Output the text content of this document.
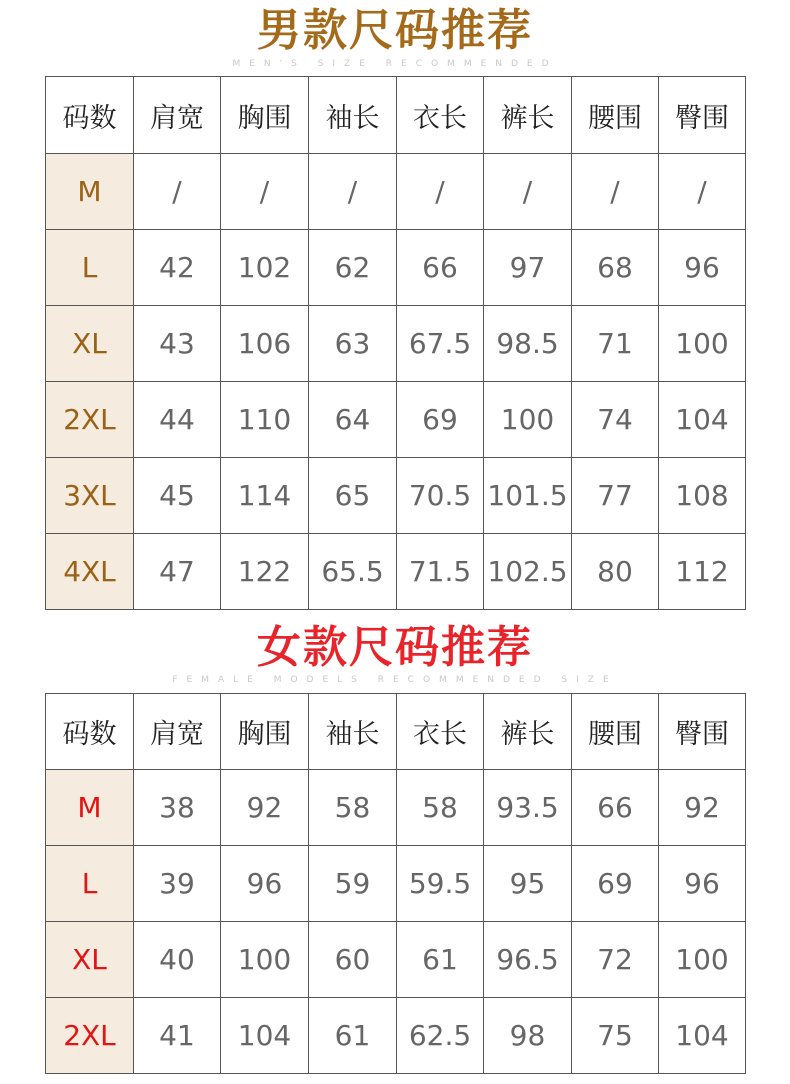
男款尺码推荐
MEN'S SIZE RECOMMENDED
码数	肩宽	胸围	袖长	衣长	裤长	腰围	臀围
M	/	/	/	/	/	/	/
L	42	102	62	66	97	68	96
XL	43	106	63	67.5	98.5	71	100
2XL	44	110	64	69	100	74	104
3XL	45	114	65	70.5	101.5	77	108
4XL	47	122	65.5	71.5	102.5	80	112
女款尺码推荐
FEMALE MODELS RECOMMENDED SIZE
码数	肩宽	胸围	袖长	衣长	裤长	腰围	臀围
M	38	92	58	58	93.5	66	92
L	39	96	59	59.5	95	69	96
XL	40	100	60	61	96.5	72	100
2XL	41	104	61	62.5	98	75	104
